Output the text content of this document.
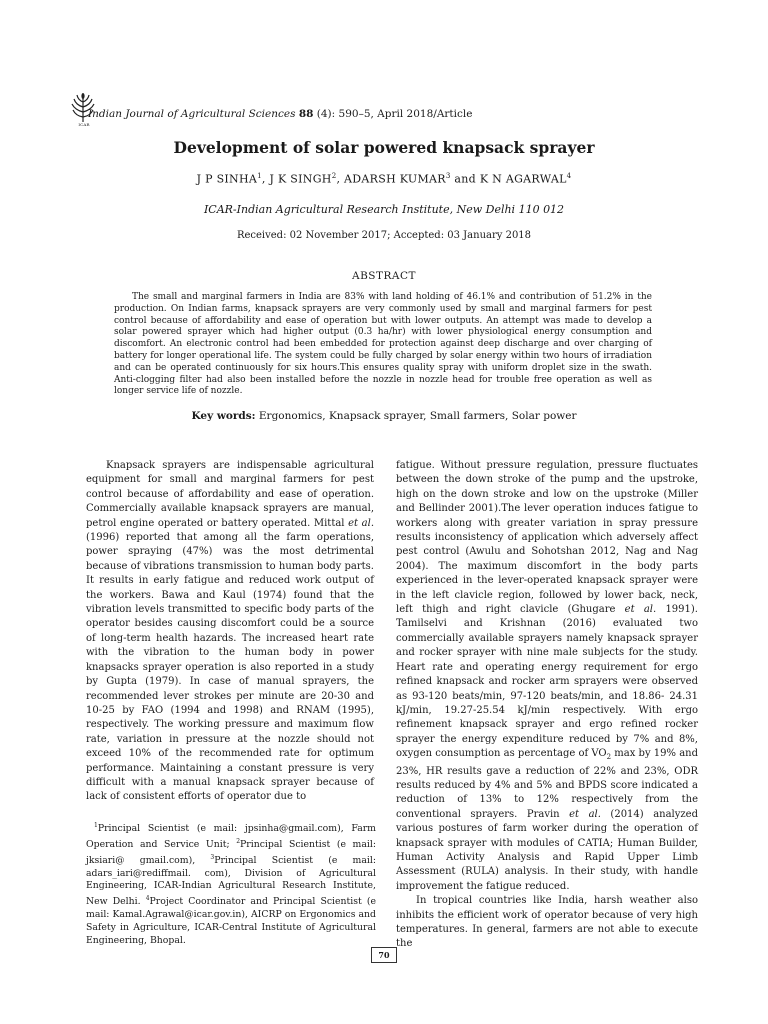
ICAR
Indian Journal of Agricultural Sciences 88 (4): 590–5, April 2018/Article
Development of solar powered knapsack sprayer
J P SINHA$^1$, J K SINGH$^2$, ADARSH KUMAR$^3$ and K N AGARWAL$^4$
ICAR-Indian Agricultural Research Institute, New Delhi 110 012
Received: 02 November 2017; Accepted: 03 January 2018
ABSTRACT
The small and marginal farmers in India are 83% with land holding of 46.1% and contribution of 51.2% in the production. On Indian farms, knapsack sprayers are very commonly used by small and marginal farmers for pest control because of affordability and ease of operation but with lower outputs. An attempt was made to develop a solar powered sprayer which had higher output (0.3 ha/hr) with lower physiological energy consumption and discomfort. An electronic control had been embedded for protection against deep discharge and over charging of battery for longer operational life. The system could be fully charged by solar energy within two hours of irradiation and can be operated continuously for six hours.This ensures quality spray with uniform droplet size in the swath. Anti-clogging filter had also been installed before the nozzle in nozzle head for trouble free operation as well as longer service life of nozzle.
Key words: Ergonomics, Knapsack sprayer, Small farmers, Solar power

Knapsack sprayers are indispensable agricultural equipment for small and marginal farmers for pest control because of affordability and ease of operation. Commercially available knapsack sprayers are manual, petrol engine operated or battery operated. Mittal et al. (1996) reported that among all the farm operations, power spraying (47%) was the most detrimental because of vibrations transmission to human body parts. It results in early fatigue and reduced work output of the workers. Bawa and Kaul (1974) found that the vibration levels transmitted to specific body parts of the operator besides causing discomfort could be a source of long-term health hazards. The increased heart rate with the vibration to the human body in power knapsacks sprayer operation is also reported in a study by Gupta (1979). In case of manual sprayers, the recommended lever strokes per minute are 20-30 and 10-25 by FAO (1994 and 1998) and RNAM (1995), respectively. The working pressure and maximum flow rate, variation in pressure at the nozzle should not exceed 10% of the recommended rate for optimum performance. Maintaining a constant pressure is very difficult with a manual knapsack sprayer because of lack of consistent efforts of operator due to

fatigue. Without pressure regulation, pressure fluctuates between the down stroke of the pump and the upstroke, high on the down stroke and low on the upstroke (Miller and Bellinder 2001).The lever operation induces fatigue to workers along with greater variation in spray pressure results inconsistency of application which adversely affect pest control (Awulu and Sohotshan 2012, Nag and Nag 2004). The maximum discomfort in the body parts experienced in the lever-operated knapsack sprayer were in the left clavicle region, followed by lower back, neck, left thigh and right clavicle (Ghugare et al. 1991). Tamilselvi and Krishnan (2016) evaluated two commercially available sprayers namely knapsack sprayer and rocker sprayer with nine male subjects for the study. Heart rate and operating energy requirement for ergo refined knapsack and rocker arm sprayers were observed as 93-120 beats/min, 97-120 beats/min, and 18.86- 24.31 kJ/min, 19.27-25.54 kJ/min respectively. With ergo refinement knapsack sprayer and ergo refined rocker sprayer the energy expenditure reduced by 7% and 8%, oxygen consumption as percentage of $VO_2$ max by 19% and 23%, HR results gave a reduction of 22% and 23%, ODR results reduced by 4% and 5% and BPDS score indicated a reduction of 13% to 12% respectively from the conventional sprayers. Pravin et al. (2014) analyzed various postures of farm worker during the operation of knapsack sprayer with modules of CATIA; Human Builder, Human Activity Analysis and Rapid Upper Limb Assessment (RULA) analysis. In their study, with handle improvement the fatigue reduced.

In tropical countries like India, harsh weather also inhibits the efficient work of operator because of very high temperatures. In general, farmers are not able to execute the

$^1$Principal Scientist (e mail: jpsinha@gmail.com), Farm Operation and Service Unit; $^2$Principal Scientist (e mail: jksiari@ gmail.com), $^3$Principal Scientist (e mail: adars_iari@rediffmail. com), Division of Agricultural Engineering, ICAR-Indian Agricultural Research Institute, New Delhi. $^4$Project Coordinator and Principal Scientist (e mail: Kamal.Agrawal@icar.gov.in), AICRP on Ergonomics and Safety in Agriculture, ICAR-Central Institute of Agricultural Engineering, Bhopal.
70
